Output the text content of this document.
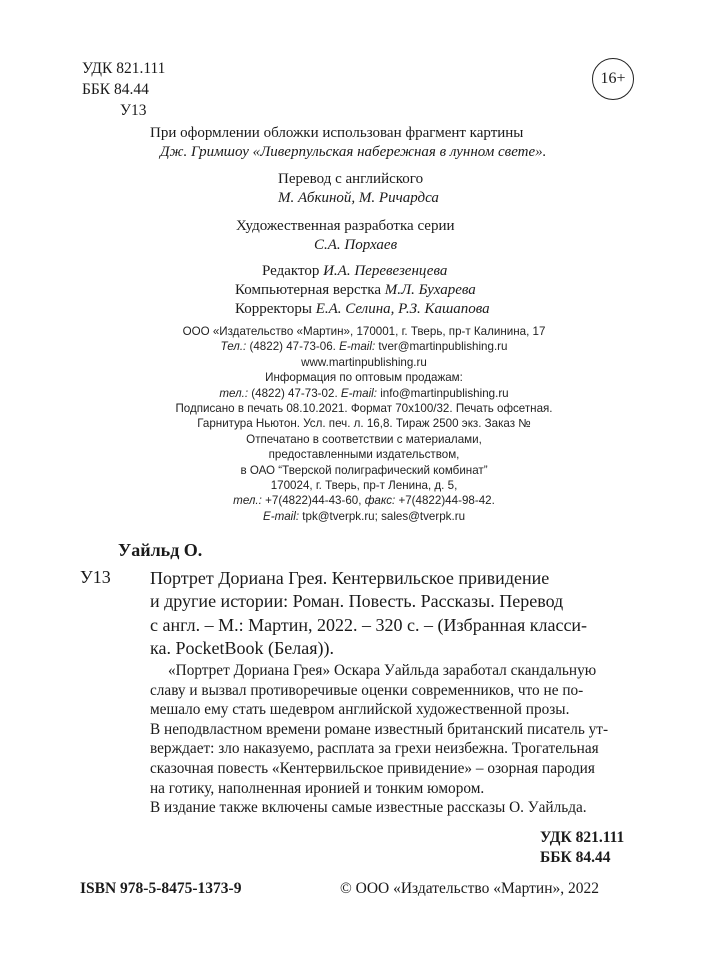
УДК 821.111
ББК 84.44
У13
16+
При оформлении обложки использован фрагмент картины
Дж. Гримшоу «Ливерпульская набережная в лунном свете».
Перевод с английского
М. Абкиной, М. Ричардса
Художественная разработка серии
С.А. Порхаев
Редактор И.А. Перевезенцева
Компьютерная верстка М.Л. Бухарева
Корректоры Е.А. Селина, Р.З. Кашапова
ООО «Издательство «Мартин», 170001, г. Тверь, пр-т Калинина, 17
Тел.: (4822) 47-73-06. E-mail: tver@martinpublishing.ru
www.martinpublishing.ru
Информация по оптовым продажам:
тел.: (4822) 47-73-02. E-mail: info@martinpublishing.ru
Подписано в печать 08.10.2021. Формат 70х100/32. Печать офсетная.
Гарнитура Ньютон. Усл. печ. л. 16,8. Тираж 2500 экз. Заказ №
Отпечатано в соответствии с материалами,
предоставленными издательством,
в ОАО “Тверской полиграфический комбинат”
170024, г. Тверь, пр-т Ленина, д. 5,
тел.: +7(4822)44-43-60, факс: +7(4822)44-98-42.
E-mail: tpk@tverpk.ru; sales@tverpk.ru
Уайльд О.
У13 Портрет Дориана Грея. Кентервильское привидение
и другие истории: Роман. Повесть. Рассказы. Перевод
с англ. – М.: Мартин, 2022. – 320 с. – (Избранная класси-
ка. PocketBook (Белая)).
«Портрет Дориана Грея» Оскара Уайльда заработал скандальную
славу и вызвал противоречивые оценки современников, что не по-
мешало ему стать шедевром английской художественной прозы.
В неподвластном времени романе известный британский писатель ут-
верждает: зло наказуемо, расплата за грехи неизбежна. Трогательная
сказочная повесть «Кентервильское привидение» – озорная пародия
на готику, наполненная иронией и тонким юмором.
В издание также включены самые известные рассказы О. Уайльда.
УДК 821.111
ББК 84.44
ISBN 978-5-8475-1373-9	© ООО «Издательство «Мартин», 2022
